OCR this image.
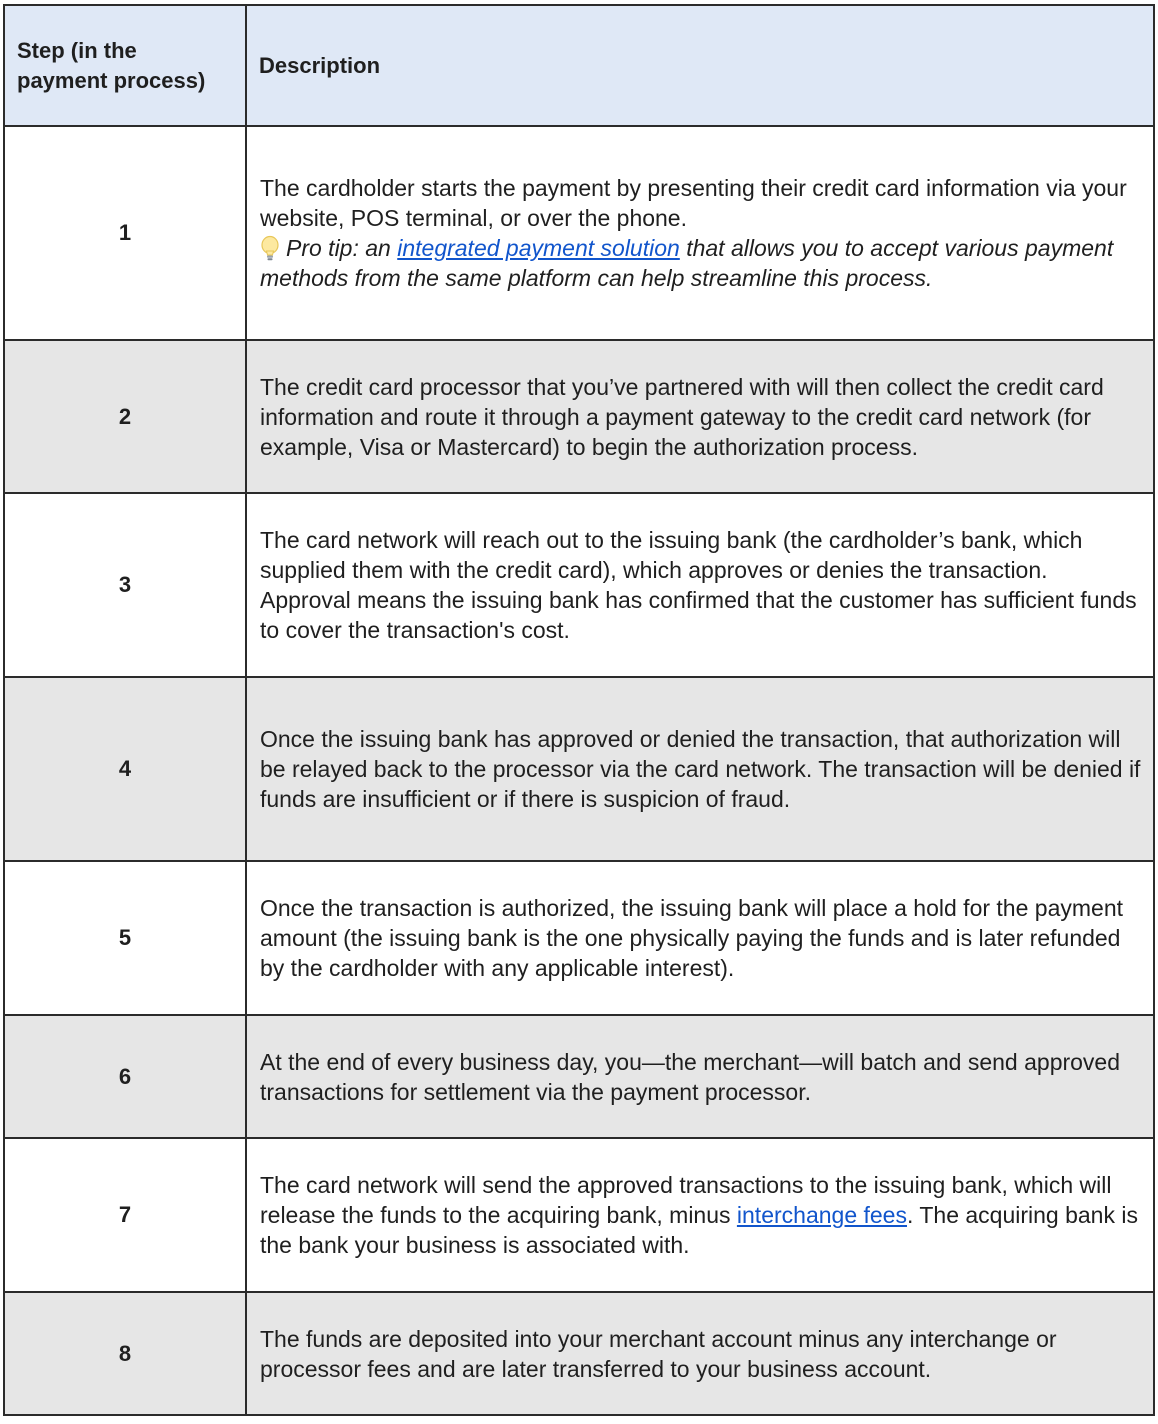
Step (in the payment process)	Description
1	The cardholder starts the payment by presenting their credit card information via your website, POS terminal, or over the phone.

Pro tip: an integrated payment solution that allows you to accept various payment methods from the same platform can help streamline this process.

2	The credit card processor that you’ve partnered with will then collect the credit card information and route it through a payment gateway to the credit card network (for example, Visa or Mastercard) to begin the authorization process.
3	The card network will reach out to the issuing bank (the cardholder’s bank, which supplied them with the credit card), which approves or denies the transaction. Approval means the issuing bank has confirmed that the customer has sufficient funds to cover the transaction's cost.
4	Once the issuing bank has approved or denied the transaction, that authorization will be relayed back to the processor via the card network. The transaction will be denied if funds are insufficient or if there is suspicion of fraud.
5	Once the transaction is authorized, the issuing bank will place a hold for the payment amount (the issuing bank is the one physically paying the funds and is later refunded by the cardholder with any applicable interest).
6	At the end of every business day, you—the merchant—will batch and send approved transactions for settlement via the payment processor.
7	The card network will send the approved transactions to the issuing bank, which will release the funds to the acquiring bank, minus interchange fees. The acquiring bank is the bank your business is associated with.
8	The funds are deposited into your merchant account minus any interchange or processor fees and are later transferred to your business account.
